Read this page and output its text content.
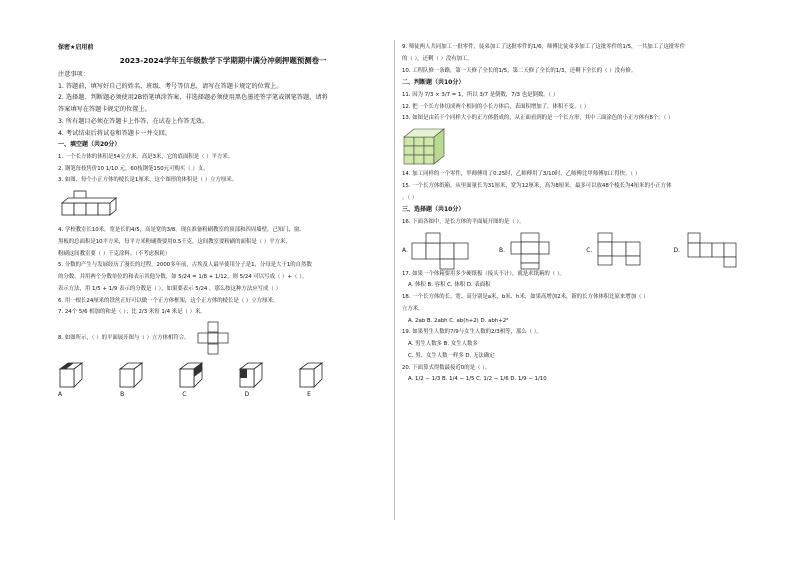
保密★启用前
2023-2024学年五年级数学下学期期中满分冲刺押题预测卷一
注意事项：
1. 答题前，填写好自己的姓名、班级、考号等信息，请写在答题卡规定的位置上。
2. 选择题、判断题必须使用2B铅笔填涂答案，非选择题必须使用黑色墨迹签字笔或钢笔答题，请将
答案填写在答题卡规定的位置上。
3. 所有题目必须在答题卡上作答，在试卷上作答无效。
4. 考试结束后将试卷和答题卡一并交回。
一、填空题（共20分）
1. 一个长方体的体积是54立方米，高是3米，它的底面积是（ ）平方米。
2. 钢笔每枝售价10 1/10 元，60枝钢笔150元可购买（ ）支。
3. 如图，每个小正方体的棱长是1厘米，这个图形的体积是（ ）立方厘米。
4. 学校教室长10米，宽是长的4/5，高是宽的3/8。现在准备粉刷教室的顶部和四周墙壁，已知门、窗、
黑板的总面积是10平方米，每平方米粉刷费要用0.5千克。这间教室要粉刷的面积是（ ）平方米，
粉刷这间教室要（ ）千克涂料。（不考虑损耗）
5. 分数的产生与发展经历了漫长的过程。2000多年前，古埃及人最早使用分子是1，分母是大于1的自然数
的分数，并用两个分数单位的和表示其他分数，如 5/24 = 1/8 + 1/12，则 5/24 可以写成（ ）+（ ）。
表示方法，用 1/5 + 1/9 表示的分数是（ ），如果要表示 5/24 ，那么按这种方法应写成（ ）
6. 用一根长24厘米的铁丝正好可以做一个正方体框架，这个正方体的棱长是（ ）立方厘米。
7. 24个 5/6 相加的和是（ ）；比 2/3 米短 1/4 米是（ ）米。
8. 如图所示，（ ）的平面展开图与（ ）立方体相符合。
A	B	C	D	E
9. 师徒两人共同加工一批零件，徒弟加工了这批零件的1/6，师傅比徒弟多加工了这批零件的1/5，一共加工了这批零件
的（ ），还剩（ ）没有加工。
10. 工程队修一条路，第一天修了全长的1/5，第二天修了全长的1/3，还剩下全长的（ ）没有修。
二、判断题（共10分）
11. 因为 7/3 × 3/7 = 1，所以 3/7 是倒数，7/3 也是倒数。（ ）
12. 把一个长方体切成两个相同的小长方体后，表面积增加了，体积不变。（ ）
13. 如图是由若干个同样大小的正方体搭成的，从正面看到的是一个长方形，其中三面涂色的小正方体有8个。（ ）
14. 加工同样的一个零件，甲师傅用了0.25时，乙师傅用了3/10时，乙师傅比甲师傅加工得快。（ ）
15. 一个长方体纸箱，从里面量长为31厘米，宽为12厘米，高为8厘米。最多可以放48个棱长为4厘米的小正方体
。（ ）
三、选择题（共10分）
16. 下面各图中，是长方体的平面展开图的是（ ）。
A.	B.	C.	D.
17. 如果一个体箱要用多少硬纸板（接头不计），就是求纸箱的（ ）。
A. 体积 B. 容积 C. 体积 D. 表面积
18. 一个长方体的长、宽、高分别是a米、b米、h米，如果高增加2米，新的长方体体积比原来增加（ ）
立方米。
A. 2ab B. 2abh C. ab(h+2) D. abh+2²
19. 如果男生人数的7/9与女生人数的2/3相等，那么（ ）。
A. 男生人数多 B. 女生人数多
C. 男、女生人数一样多 D. 无法确定
20. 下面算式得数最接近0的是（ ）。
A. 1/2 − 1/3 B. 1/4 − 1/5 C. 1/2 − 1/6 D. 1/9 − 1/10
